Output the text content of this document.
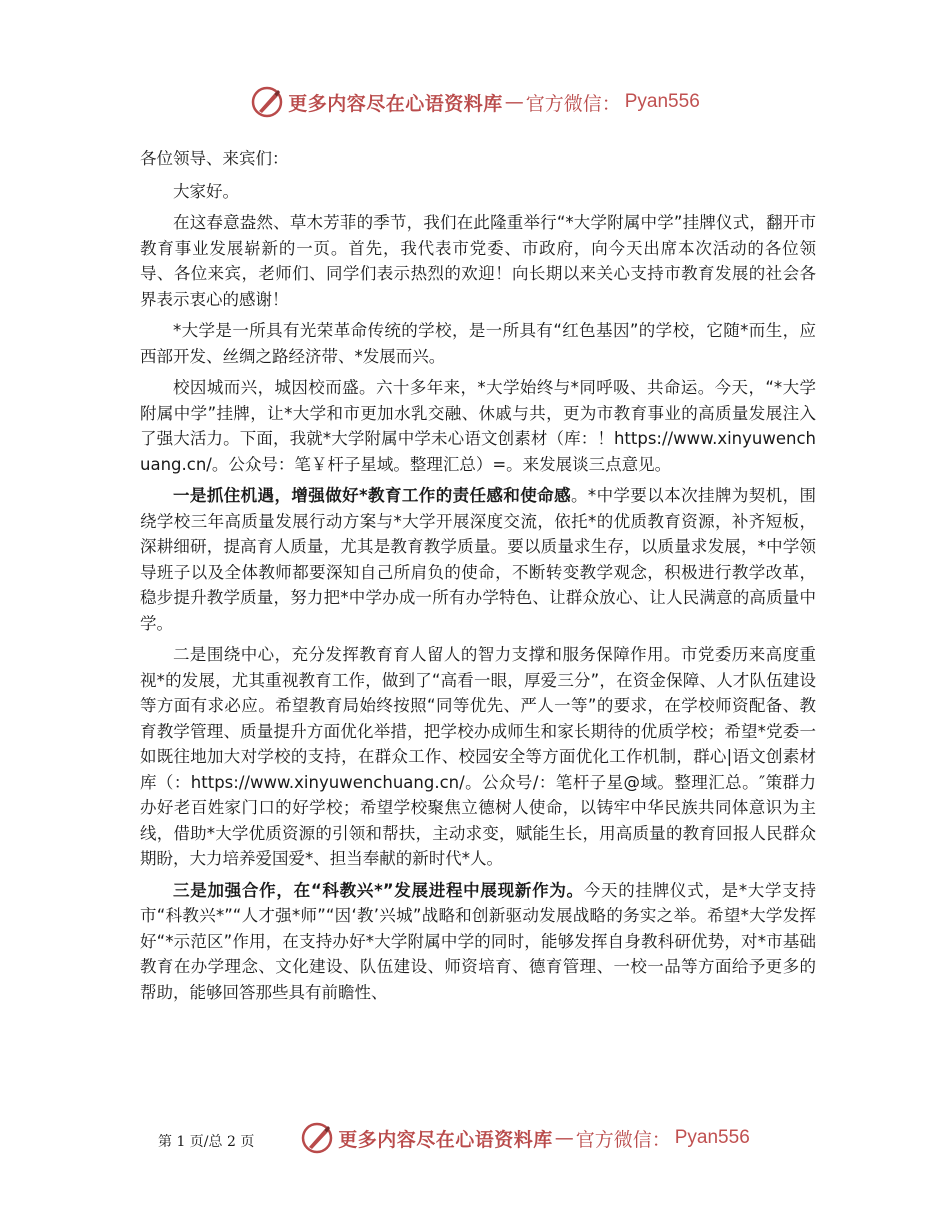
更多内容尽在心语资料库 — 官方微信： Pyan556

各位领导、来宾们：

大家好。

在这春意盎然、草木芳菲的季节，我们在此隆重举行“*大学附属中学”挂牌仪式，翻开市教育事业发展崭新的一页。首先，我代表市党委、市政府，向今天出席本次活动的各位领导、各位来宾，老师们、同学们表示热烈的欢迎！向长期以来关心支持市教育发展的社会各界表示衷心的感谢！

*大学是一所具有光荣革命传统的学校，是一所具有“红色基因”的学校，它随*而生，应西部开发、丝绸之路经济带、*发展而兴。

校因城而兴，城因校而盛。六十多年来，*大学始终与*同呼吸、共命运。今天，“*大学附属中学”挂牌，让*大学和市更加水乳交融、休戚与共，更为市教育事业的高质量发展注入了强大活力。下面，我就*大学附属中学未心语文创素材（库：！https://www.xinyuwenchuang.cn/。公众号：笔￥杆子星域。整理汇总）=。来发展谈三点意见。

一是抓住机遇，增强做好*教育工作的责任感和使命感。*中学要以本次挂牌为契机，围绕学校三年高质量发展行动方案与*大学开展深度交流，依托*的优质教育资源，补齐短板，深耕细研，提高育人质量，尤其是教育教学质量。要以质量求生存，以质量求发展，*中学领导班子以及全体教师都要深知自己所肩负的使命，不断转变教学观念，积极进行教学改革，稳步提升教学质量，努力把*中学办成一所有办学特色、让群众放心、让人民满意的高质量中学。

二是围绕中心，充分发挥教育育人留人的智力支撑和服务保障作用。市党委历来高度重视*的发展，尤其重视教育工作，做到了“高看一眼，厚爱三分”，在资金保障、人才队伍建设等方面有求必应。希望教育局始终按照“同等优先、严人一等”的要求，在学校师资配备、教育教学管理、质量提升方面优化举措，把学校办成师生和家长期待的优质学校；希望*党委一如既往地加大对学校的支持，在群众工作、校园安全等方面优化工作机制，群心|语文创素材库（：https://www.xinyuwenchuang.cn/。公众号/：笔杆子星@域。整理汇总。″策群力办好老百姓家门口的好学校；希望学校聚焦立德树人使命，以铸牢中华民族共同体意识为主线，借助*大学优质资源的引领和帮扶，主动求变，赋能生长，用高质量的教育回报人民群众期盼，大力培养爱国爱*、担当奉献的新时代*人。

三是加强合作，在“科教兴*”发展进程中展现新作为。今天的挂牌仪式，是*大学支持市“科教兴*”“人才强*师”“因‘教’兴城”战略和创新驱动发展战略的务实之举。希望*大学发挥好“*示范区”作用，在支持办好*大学附属中学的同时，能够发挥自身教科研优势，对*市基础教育在办学理念、文化建设、队伍建设、师资培育、德育管理、一校一品等方面给予更多的帮助，能够回答那些具有前瞻性、

更多内容尽在心语资料库 — 官方微信： Pyan556
第 1 页/总 2 页
